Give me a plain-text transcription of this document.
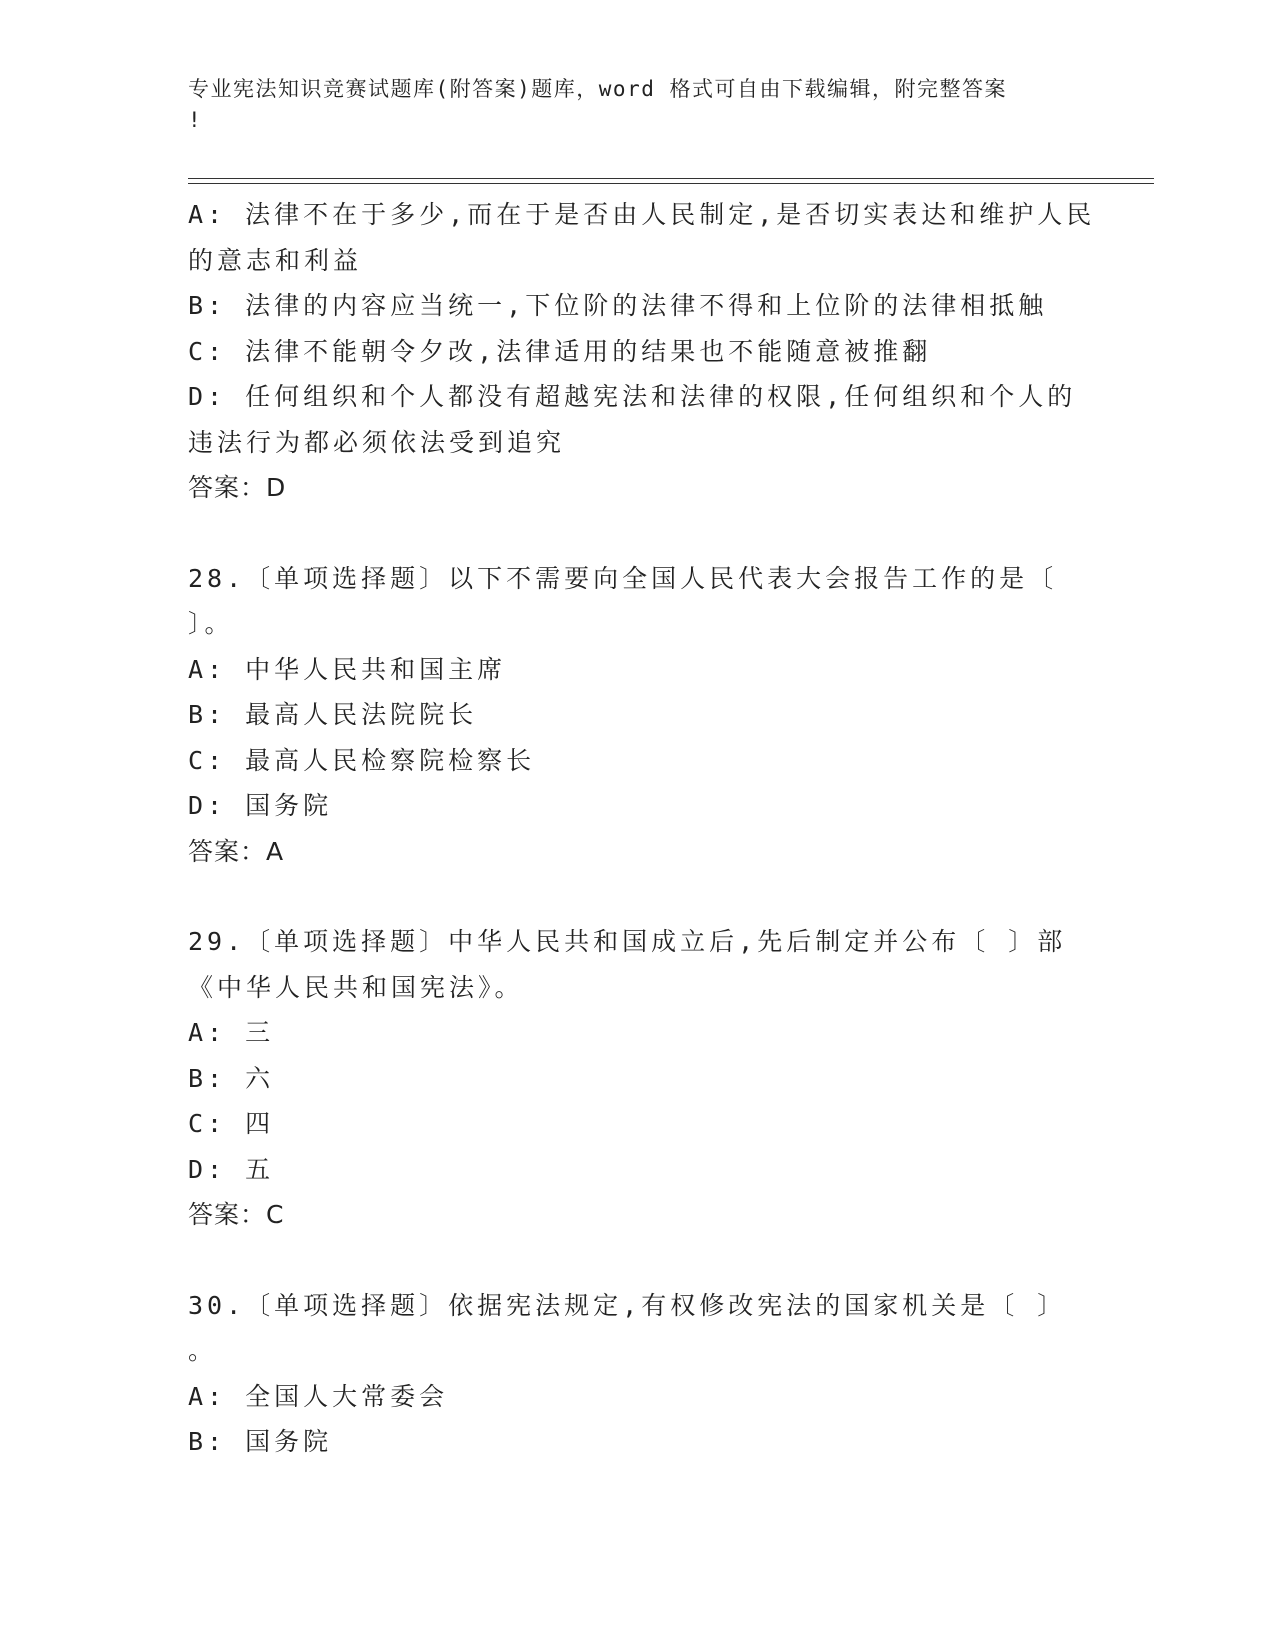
专业宪法知识竞赛试题库(附答案)题库，word 格式可自由下载编辑，附完整答案
!
A: 法律不在于多少,而在于是否由人民制定,是否切实表达和维护人民
的意志和利益
B: 法律的内容应当统一,下位阶的法律不得和上位阶的法律相抵触
C: 法律不能朝令夕改,法律适用的结果也不能随意被推翻
D: 任何组织和个人都没有超越宪法和法律的权限,任何组织和个人的
违法行为都必须依法受到追究
答案：D
28.〔单项选择题〕以下不需要向全国人民代表大会报告工作的是〔
〕。
A: 中华人民共和国主席
B: 最高人民法院院长
C: 最高人民检察院检察长
D: 国务院
答案：A
29.〔单项选择题〕中华人民共和国成立后,先后制定并公布〔 〕部
《中华人民共和国宪法》。
A: 三
B: 六
C: 四
D: 五
答案：C
30.〔单项选择题〕依据宪法规定,有权修改宪法的国家机关是〔 〕
。
A: 全国人大常委会
B: 国务院
